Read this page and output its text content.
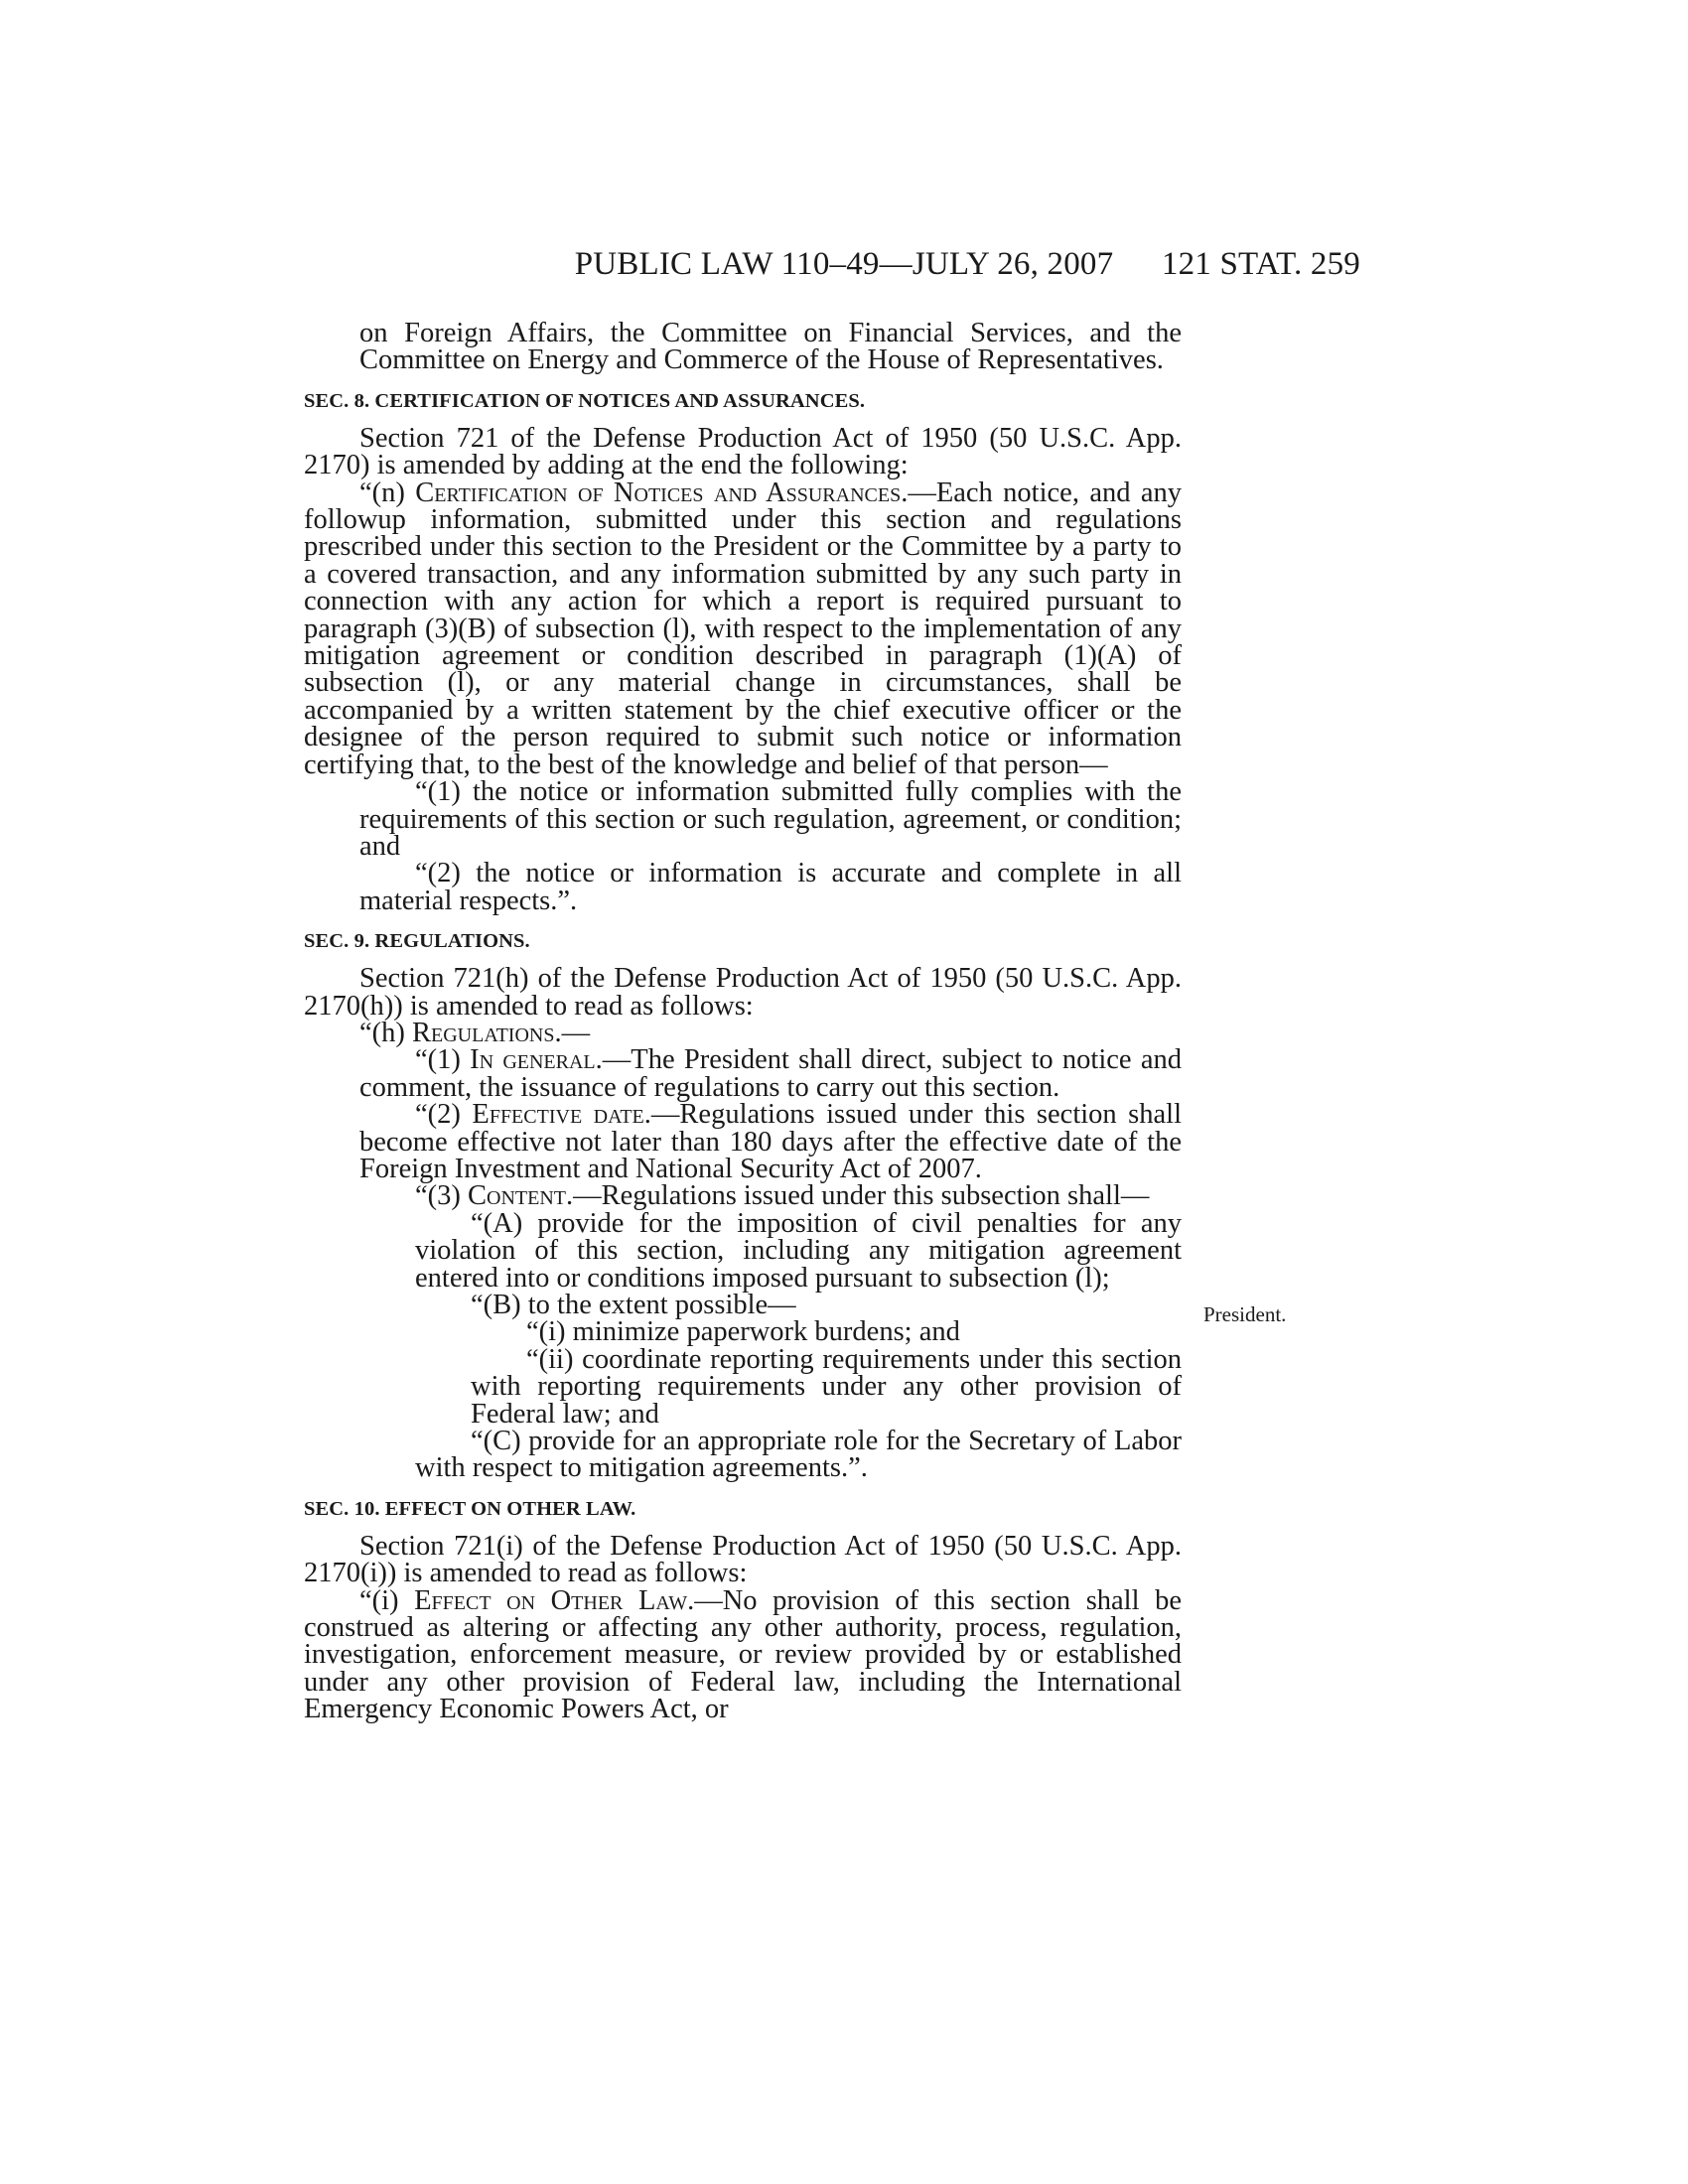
PUBLIC LAW 110–49—JULY 26, 2007	121 STAT. 259

on Foreign Affairs, the Committee on Financial Services, and the Committee on Energy and Commerce of the House of Representatives.

SEC. 8. CERTIFICATION OF NOTICES AND ASSURANCES.

Section 721 of the Defense Production Act of 1950 (50 U.S.C. App. 2170) is amended by adding at the end the following:

“(n) Certification of Notices and Assurances.—Each notice, and any followup information, submitted under this section and regulations prescribed under this section to the President or the Committee by a party to a covered transaction, and any information submitted by any such party in connection with any action for which a report is required pursuant to paragraph (3)(B) of subsection (l), with respect to the implementation of any mitigation agreement or condition described in paragraph (1)(A) of subsection (l), or any material change in circumstances, shall be accompanied by a written statement by the chief executive officer or the designee of the person required to submit such notice or information certifying that, to the best of the knowledge and belief of that person—

“(1) the notice or information submitted fully complies with the requirements of this section or such regulation, agreement, or condition; and

“(2) the notice or information is accurate and complete in all material respects.”.

SEC. 9. REGULATIONS.

Section 721(h) of the Defense Production Act of 1950 (50 U.S.C. App. 2170(h)) is amended to read as follows:

“(h) Regulations.—

“(1) In general.—The President shall direct, subject to notice and comment, the issuance of regulations to carry out this section.

“(2) Effective date.—Regulations issued under this section shall become effective not later than 180 days after the effective date of the Foreign Investment and National Security Act of 2007.

“(3) Content.—Regulations issued under this subsection shall—

“(A) provide for the imposition of civil penalties for any violation of this section, including any mitigation agreement entered into or conditions imposed pursuant to subsection (l);

“(B) to the extent possible—

“(i) minimize paperwork burdens; and

“(ii) coordinate reporting requirements under this section with reporting requirements under any other provision of Federal law; and

“(C) provide for an appropriate role for the Secretary of Labor with respect to mitigation agreements.”.

SEC. 10. EFFECT ON OTHER LAW.

Section 721(i) of the Defense Production Act of 1950 (50 U.S.C. App. 2170(i)) is amended to read as follows:

“(i) Effect on Other Law.—No provision of this section shall be construed as altering or affecting any other authority, process, regulation, investigation, enforcement measure, or review provided by or established under any other provision of Federal law, including the International Emergency Economic Powers Act, or

President.
